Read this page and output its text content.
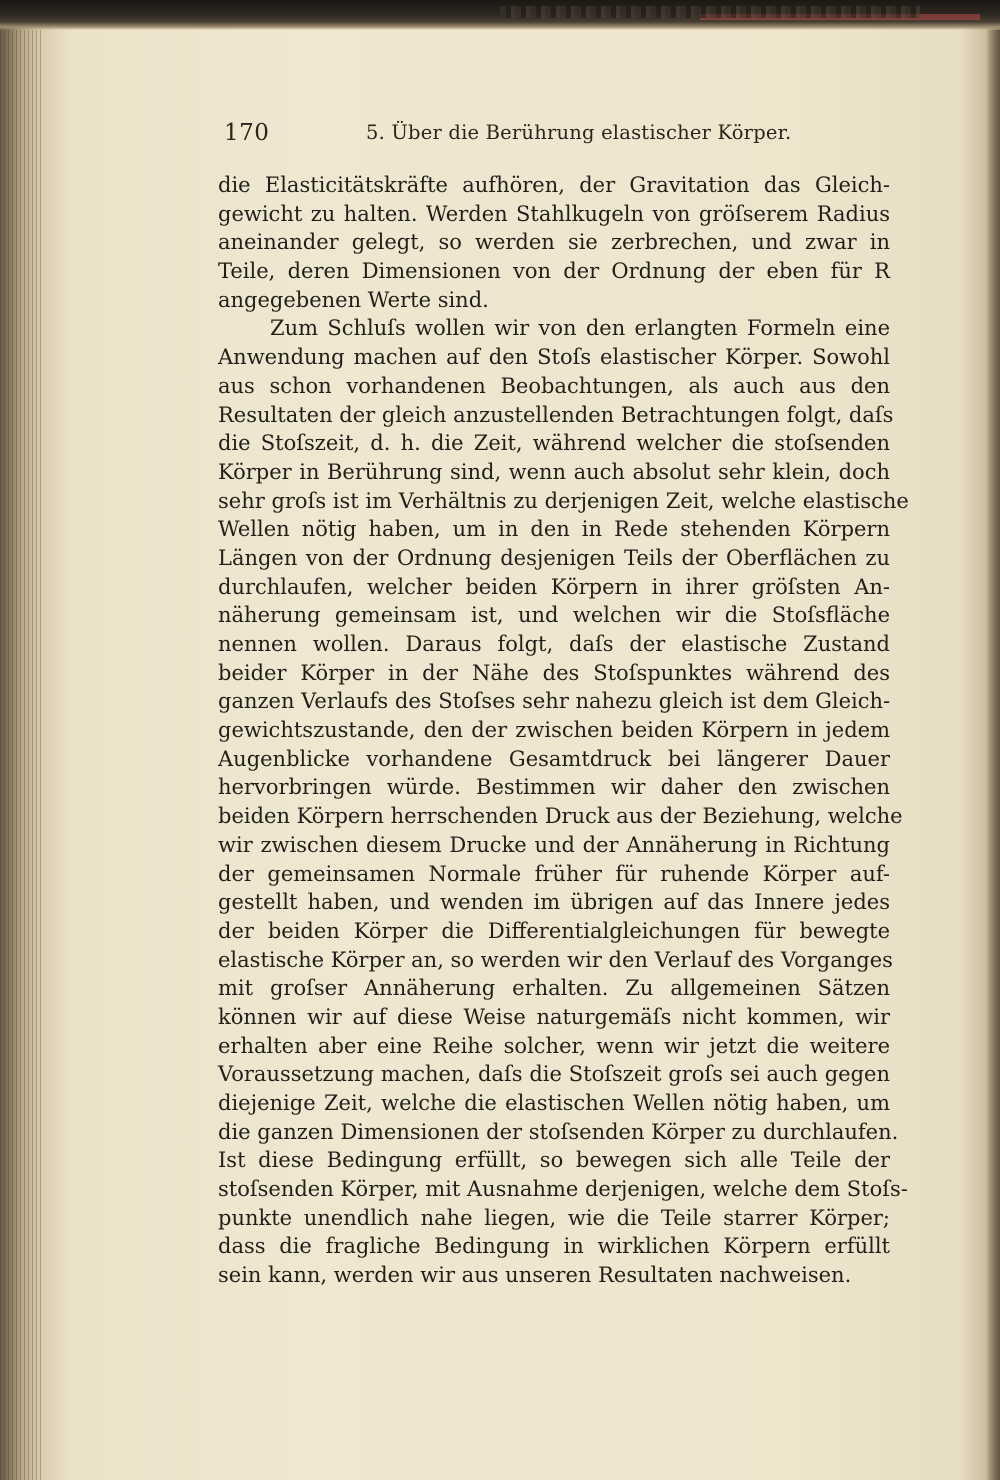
170	5. Über die Berührung elastischer Körper.
die Elasticitätskräfte aufhören, der Gravitation das Gleich-
gewicht zu halten. Werden Stahlkugeln von gröſserem Radius
aneinander gelegt, so werden sie zerbrechen, und zwar in
Teile, deren Dimensionen von der Ordnung der eben für R
angegebenen Werte sind.
Zum Schluſs wollen wir von den erlangten Formeln eine
Anwendung machen auf den Stoſs elastischer Körper. Sowohl
aus schon vorhandenen Beobachtungen, als auch aus den
Resultaten der gleich anzustellenden Betrachtungen folgt, daſs
die Stoſszeit, d. h. die Zeit, während welcher die stoſsenden
Körper in Berührung sind, wenn auch absolut sehr klein, doch
sehr groſs ist im Verhältnis zu derjenigen Zeit, welche elastische
Wellen nötig haben, um in den in Rede stehenden Körpern
Längen von der Ordnung desjenigen Teils der Oberflächen zu
durchlaufen, welcher beiden Körpern in ihrer gröſsten An-
näherung gemeinsam ist, und welchen wir die Stoſsfläche
nennen wollen. Daraus folgt, daſs der elastische Zustand
beider Körper in der Nähe des Stoſspunktes während des
ganzen Verlaufs des Stoſses sehr nahezu gleich ist dem Gleich-
gewichtszustande, den der zwischen beiden Körpern in jedem
Augenblicke vorhandene Gesamtdruck bei längerer Dauer
hervorbringen würde. Bestimmen wir daher den zwischen
beiden Körpern herrschenden Druck aus der Beziehung, welche
wir zwischen diesem Drucke und der Annäherung in Richtung
der gemeinsamen Normale früher für ruhende Körper auf-
gestellt haben, und wenden im übrigen auf das Innere jedes
der beiden Körper die Differentialgleichungen für bewegte
elastische Körper an, so werden wir den Verlauf des Vorganges
mit groſser Annäherung erhalten. Zu allgemeinen Sätzen
können wir auf diese Weise naturgemäſs nicht kommen, wir
erhalten aber eine Reihe solcher, wenn wir jetzt die weitere
Voraussetzung machen, daſs die Stoſszeit groſs sei auch gegen
diejenige Zeit, welche die elastischen Wellen nötig haben, um
die ganzen Dimensionen der stoſsenden Körper zu durchlaufen.
Ist diese Bedingung erfüllt, so bewegen sich alle Teile der
stoſsenden Körper, mit Ausnahme derjenigen, welche dem Stoſs-
punkte unendlich nahe liegen, wie die Teile starrer Körper;
dass die fragliche Bedingung in wirklichen Körpern erfüllt
sein kann, werden wir aus unseren Resultaten nachweisen.
